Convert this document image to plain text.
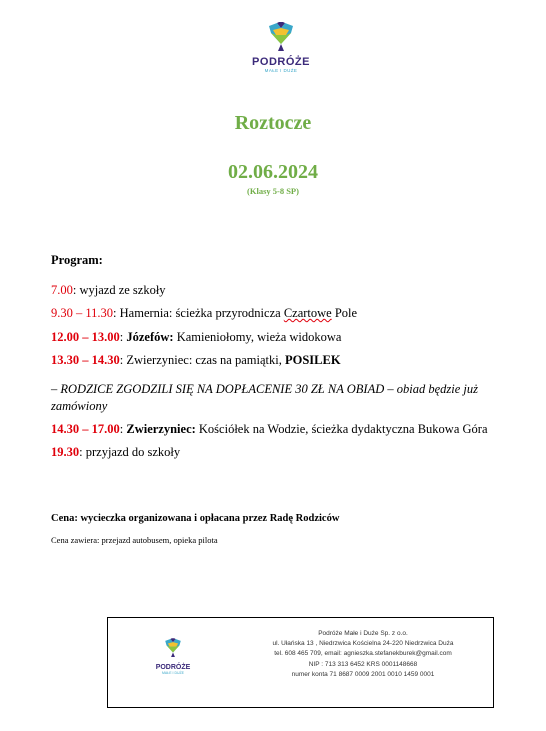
PODRÓŻE
MAŁE I DUŻE
Roztocze
02.06.2024
(Klasy 5-8 SP)
Program:
7.00: wyjazd ze szkoły
9.30 – 11.30: Hamernia: ścieżka przyrodnicza Czartowe Pole
12.00 – 13.00: Józefów: Kamieniołomy, wieża widokowa
13.30 – 14.30: Zwierzyniec: czas na pamiątki, POSILEK
– RODZICE ZGODZILI SIĘ NA DOPŁACENIE 30 ZŁ NA OBIAD – obiad będzie już zamówiony
14.30 – 17.00: Zwierzyniec: Kościółek na Wodzie, ścieżka dydaktyczna Bukowa Góra
19.30: przyjazd do szkoły
Cena: wycieczka organizowana i opłacana przez Radę Rodziców
Cena zawiera: przejazd autobusem, opieka pilota
PODRÓŻE
MAŁE I DUŻE
Podróże Małe i Duże Sp. z o.o.
ul. Ułańska 13 , Niedrzwica Kościelna 24-220 Niedrzwica Duża
tel. 608 465 709, email: agnieszka.stefanekburek@gmail.com
NIP : 713 313 6452 KRS 0001148668
numer konta 71 8687 0009 2001 0010 1459 0001
